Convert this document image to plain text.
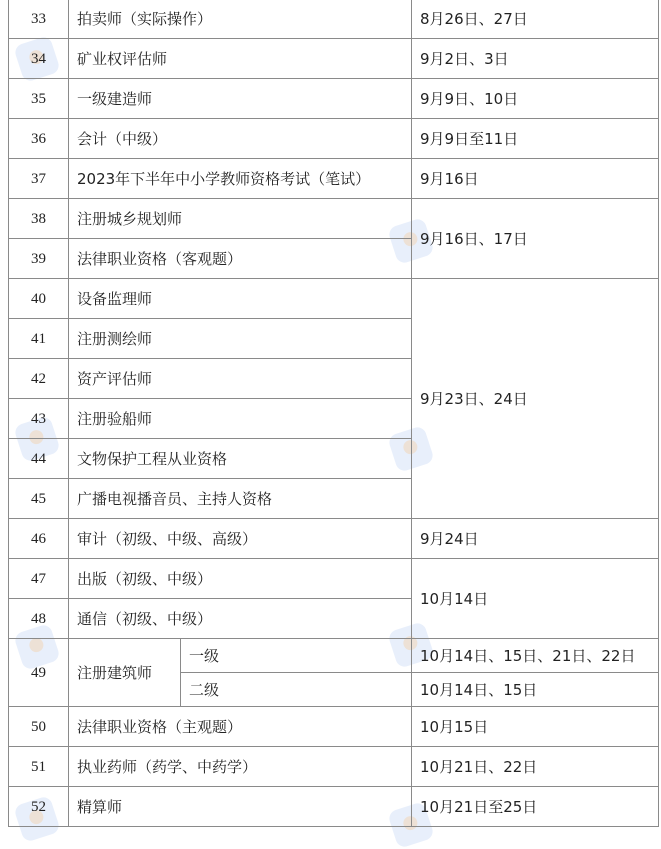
33	拍卖师（实际操作）		8月26日、27日
34	矿业权评估师		9月2日、3日
35	一级建造师		9月9日、10日
36	会计（中级）		9月9日至11日
37	2023年下半年中小学教师资格考试（笔试）		9月16日
38	注册城乡规划师		9月16日、17日
39	法律职业资格（客观题）		
40	设备监理师		9月23日、24日
41	注册测绘师		
42	资产评估师		
43	注册验船师		
44	文物保护工程从业资格		
45	广播电视播音员、主持人资格		
46	审计（初级、中级、高级）		9月24日
47	出版（初级、中级）		10月14日
48	通信（初级、中级）		
49	注册建筑师	一级	10月14日、15日、21日、22日
		二级	10月14日、15日
50	法律职业资格（主观题）		10月15日
51	执业药师（药学、中药学）		10月21日、22日
52	精算师		10月21日至25日
